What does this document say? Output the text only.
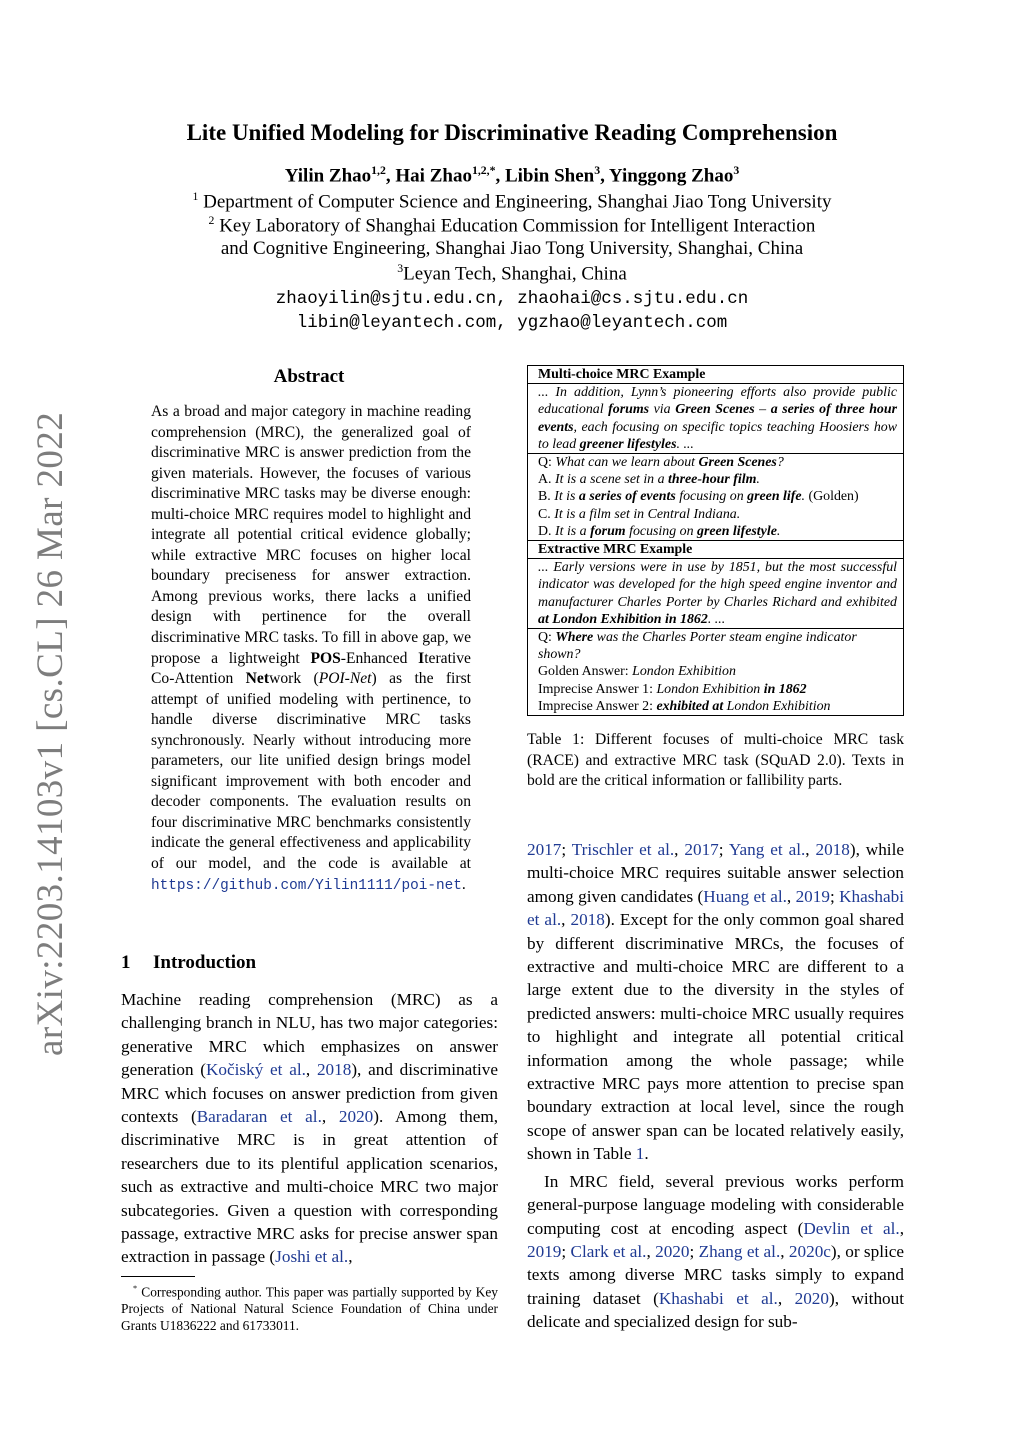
arXiv:2203.14103v1 [cs.CL] 26 Mar 2022
Lite Unified Modeling for Discriminative Reading Comprehension
Yilin Zhao$^{1,2}$, Hai Zhao$^{1,2,*}$, Libin Shen$^3$, Yinggong Zhao$^3$
$^1$ Department of Computer Science and Engineering, Shanghai Jiao Tong University
$^2$ Key Laboratory of Shanghai Education Commission for Intelligent Interaction
and Cognitive Engineering, Shanghai Jiao Tong University, Shanghai, China
$^3$Leyan Tech, Shanghai, China
zhaoyilin@sjtu.edu.cn, zhaohai@cs.sjtu.edu.cn
libin@leyantech.com, ygzhao@leyantech.com
Abstract
As a broad and major category in machine reading comprehension (MRC), the generalized goal of discriminative MRC is answer prediction from the given materials. However, the focuses of various discriminative MRC tasks may be diverse enough: multi-choice MRC requires model to highlight and integrate all potential critical evidence globally; while extractive MRC focuses on higher local boundary preciseness for answer extraction. Among previous works, there lacks a unified design with pertinence for the overall discriminative MRC tasks. To fill in above gap, we propose a lightweight POS-Enhanced Iterative Co-Attention Network (POI-Net) as the first attempt of unified modeling with pertinence, to handle diverse discriminative MRC tasks synchronously. Nearly without introducing more parameters, our lite unified design brings model significant improvement with both encoder and decoder components. The evaluation results on four discriminative MRC benchmarks consistently indicate the general effectiveness and applicability of our model, and the code is available at https://github.com/Yilin1111/poi-net.
1 Introduction
Machine reading comprehension (MRC) as a challenging branch in NLU, has two major categories: generative MRC which emphasizes on answer generation (Kočiský et al., 2018), and discriminative MRC which focuses on answer prediction from given contexts (Baradaran et al., 2020). Among them, discriminative MRC is in great attention of researchers due to its plentiful application scenarios, such as extractive and multi-choice MRC two major subcategories. Given a question with corresponding passage, extractive MRC asks for precise answer span extraction in passage (Joshi et al.,
* Corresponding author. This paper was partially supported by Key Projects of National Natural Science Foundation of China under Grants U1836222 and 61733011.
Multi-choice MRC Example
... In addition, Lynn’s pioneering efforts also provide public educational forums via Green Scenes – a series of three hour events, each focusing on specific topics teaching Hoosiers how to lead greener lifestyles. ...
Q: What can we learn about Green Scenes?
A. It is a scene set in a three-hour film.
B. It is a series of events focusing on green life. (Golden)
C. It is a film set in Central Indiana.
D. It is a forum focusing on green lifestyle.
Extractive MRC Example
... Early versions were in use by 1851, but the most successful indicator was developed for the high speed engine inventor and manufacturer Charles Porter by Charles Richard and exhibited at London Exhibition in 1862. ...
Q: Where was the Charles Porter steam engine indicator shown?
Golden Answer: London Exhibition
Imprecise Answer 1: London Exhibition in 1862
Imprecise Answer 2: exhibited at London Exhibition
Table 1: Different focuses of multi-choice MRC task (RACE) and extractive MRC task (SQuAD 2.0). Texts in bold are the critical information or fallibility parts.

2017; Trischler et al., 2017; Yang et al., 2018), while multi-choice MRC requires suitable answer selection among given candidates (Huang et al., 2019; Khashabi et al., 2018). Except for the only common goal shared by different discriminative MRCs, the focuses of extractive and multi-choice MRC are different to a large extent due to the diversity in the styles of predicted answers: multi-choice MRC usually requires to highlight and integrate all potential critical information among the whole passage; while extractive MRC pays more attention to precise span boundary extraction at local level, since the rough scope of answer span can be located relatively easily, shown in Table 1.

In MRC field, several previous works perform general-purpose language modeling with considerable computing cost at encoding aspect (Devlin et al., 2019; Clark et al., 2020; Zhang et al., 2020c), or splice texts among diverse MRC tasks simply to expand training dataset (Khashabi et al., 2020), without delicate and specialized design for sub-
